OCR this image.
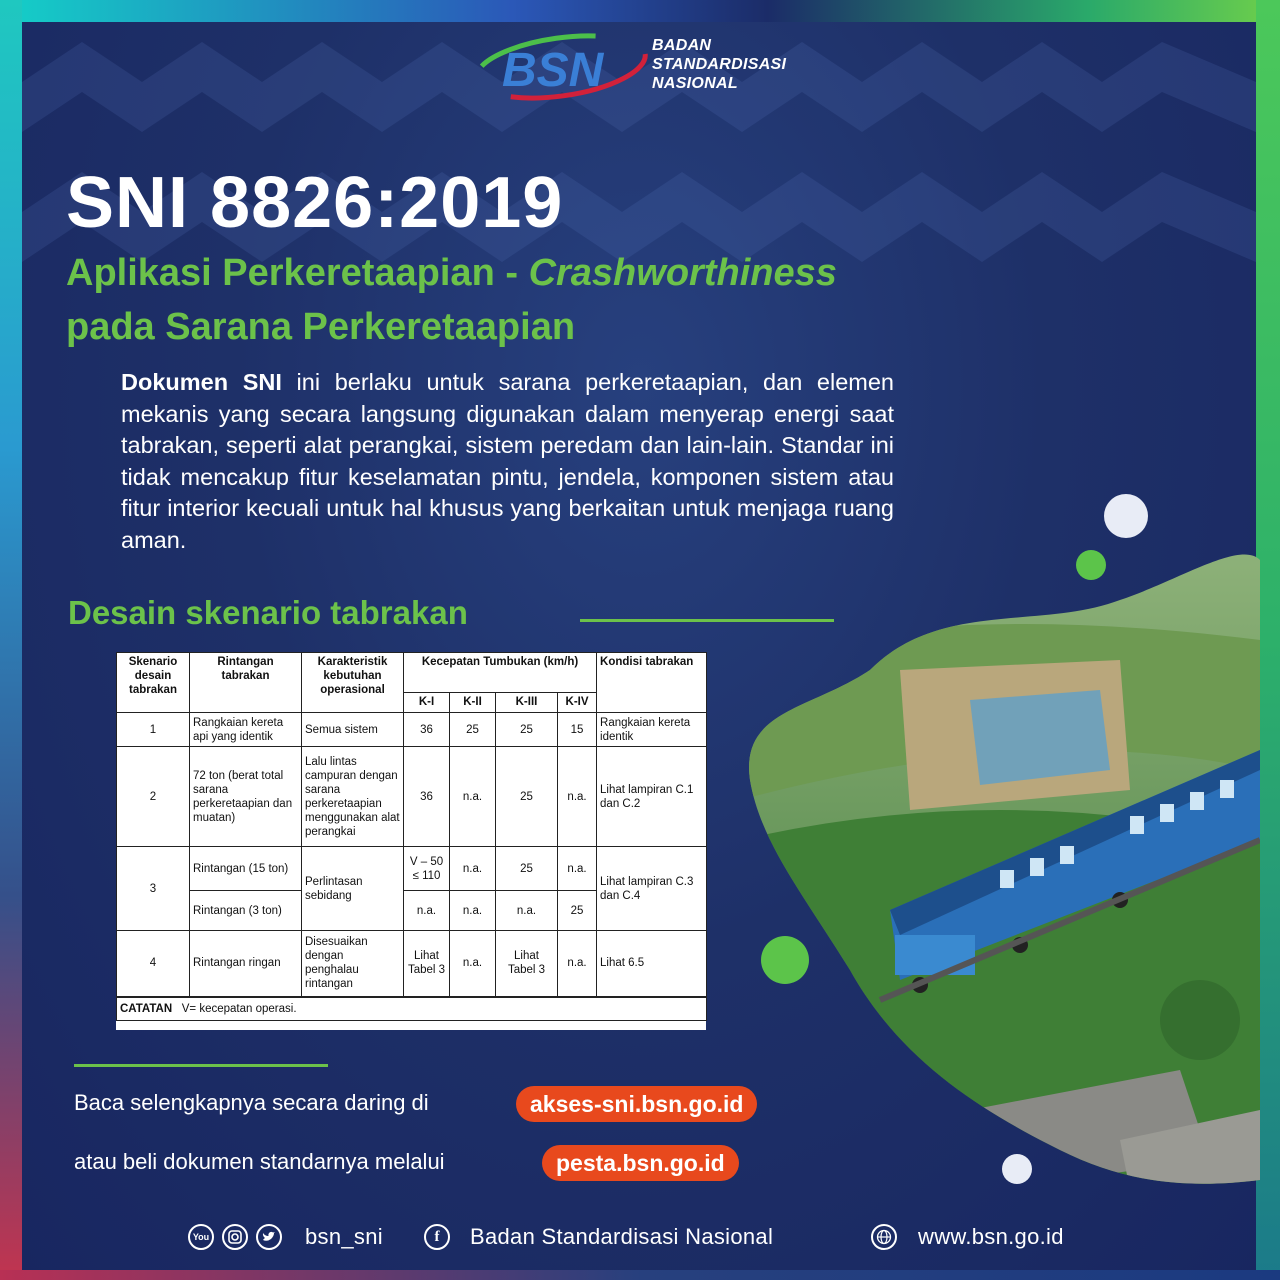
BSN	BADAN
STANDARDISASI
NASIONAL
SNI 8826:2019
Aplikasi Perkeretaapian - Crashworthiness
pada Sarana Perkeretaapian

Dokumen SNI ini berlaku untuk sarana perkeretaapian, dan elemen mekanis yang secara langsung digunakan dalam menyerap energi saat tabrakan, seperti alat perangkai, sistem peredam dan lain-lain. Standar ini tidak mencakup fitur keselamatan pintu, jendela, komponen sistem atau fitur interior kecuali untuk hal khusus yang berkaitan untuk menjaga ruang aman.

Desain skenario tabrakan
Skenario desain tabrakan	Rintangan tabrakan	Karakteristik kebutuhan operasional	Kecepatan Tumbukan (km/h)				Kondisi tabrakan
			K-I	K-II	K-III	K-IV	
1	Rangkaian kereta api yang identik	Semua sistem	36	25	25	15	Rangkaian kereta identik
2	72 ton (berat total sarana perkeretaapian dan muatan)	Lalu lintas campuran dengan sarana perkeretaapian menggunakan alat perangkai	36	n.a.	25	n.a.	Lihat lampiran C.1 dan C.2
3	Rintangan (15 ton)	Perlintasan sebidang	V – 50 ≤ 110	n.a.	25	n.a.	Lihat lampiran C.3 dan C.4
	Rintangan (3 ton)		n.a.	n.a.	n.a.	25	
4	Rintangan ringan	Disesuaikan dengan penghalau rintangan	Lihat Tabel 3	n.a.	Lihat Tabel 3	n.a.	Lihat 6.5
CATATAN V= kecepatan operasi.							
Baca selengkapnya secara daring di	akses-sni.bsn.go.id
atau beli dokumen standarnya melalui	pesta.bsn.go.id
You	bsn_sni	f	Badan Standardisasi Nasional	www.bsn.go.id
